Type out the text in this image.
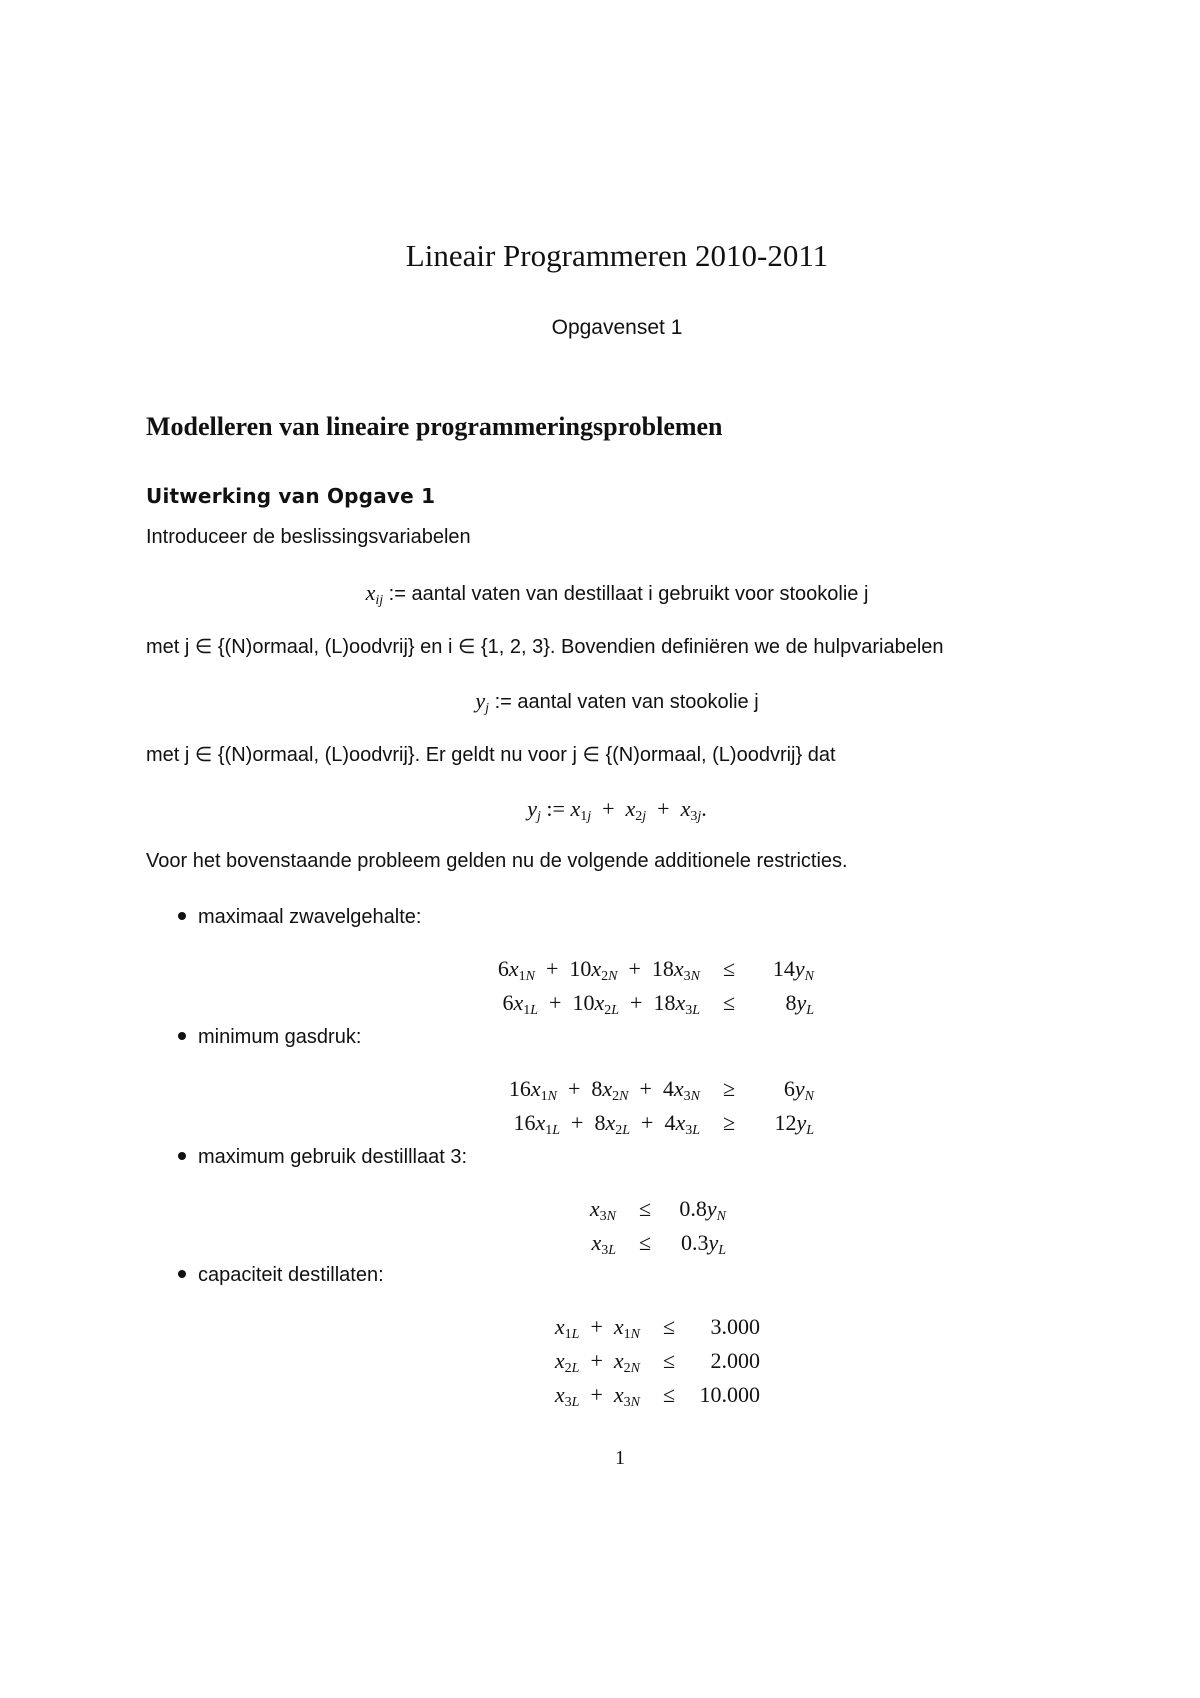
Lineair Programmeren 2010-2011
Opgavenset 1
Modelleren van lineaire programmeringsproblemen
Uitwerking van Opgave 1
Introduceer de beslissingsvariabelen
$x_{ij}$ := aantal vaten van destillaat i gebruikt voor stookolie j
met j ∈ {(N)ormaal, (L)oodvrij} en i ∈ {1, 2, 3}. Bovendien definiëren we de hulpvariabelen
$y_j$ := aantal vaten van stookolie j
met j ∈ {(N)ormaal, (L)oodvrij}. Er geldt nu voor j ∈ {(N)ormaal, (L)oodvrij} dat
$y_j$ := $x_{1j} + x_{2j} + x_{3j}$.
Voor het bovenstaande probleem gelden nu de volgende additionele restricties.
maximaal zwavelgehalte:
$6x_{1N} + 10x_{2N} + 18x_{3N}$	≤	$14y_N$
$6x_{1L} + 10x_{2L} + 18x_{3L}$	≤	$8y_L$
minimum gasdruk:
$16x_{1N} + 8x_{2N} + 4x_{3N}$	≥	$6y_N$
$16x_{1L} + 8x_{2L} + 4x_{3L}$	≥	$12y_L$
maximum gebruik destilllaat 3:
$x_{3N}$	≤	$0.8y_N$
$x_{3L}$	≤	$0.3y_L$
capaciteit destillaten:
$x_{1L} + x_{1N}$	≤	3.000
$x_{2L} + x_{2N}$	≤	2.000
$x_{3L} + x_{3N}$	≤	10.000
1
